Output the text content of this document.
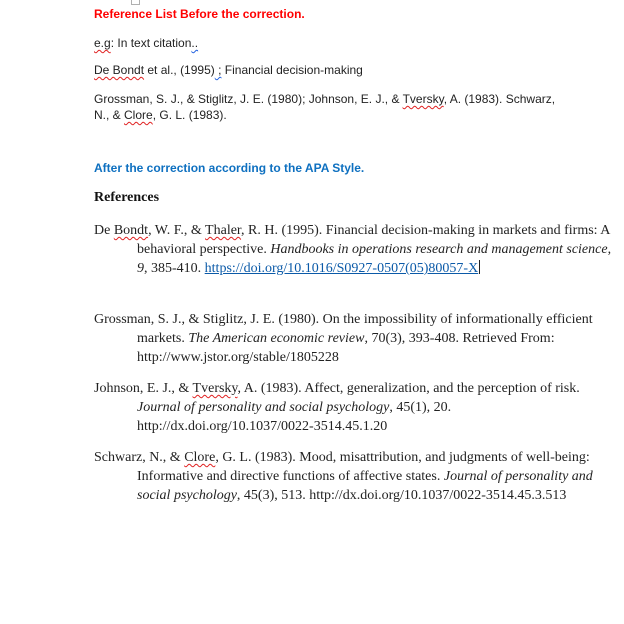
Reference List Before the correction.
e.g: In text citation..
De Bondt et al., (1995) ; Financial decision-making
Grossman, S. J., & Stiglitz, J. E. (1980); Johnson, E. J., & Tversky, A. (1983). Schwarz, N., & Clore, G. L. (1983).
After the correction according to the APA Style.
References
De Bondt, W. F., & Thaler, R. H. (1995). Financial decision-making in markets and firms: A behavioral perspective. Handbooks in operations research and management science, 9, 385-410. https://doi.org/10.1016/S0927-0507(05)80057-X
Grossman, S. J., & Stiglitz, J. E. (1980). On the impossibility of informationally efficient markets. The American economic review, 70(3), 393-408. Retrieved From: http://www.jstor.org/stable/1805228
Johnson, E. J., & Tversky, A. (1983). Affect, generalization, and the perception of risk. Journal of personality and social psychology, 45(1), 20. http://dx.doi.org/10.1037/0022-3514.45.1.20
Schwarz, N., & Clore, G. L. (1983). Mood, misattribution, and judgments of well-being: Informative and directive functions of affective states. Journal of personality and social psychology, 45(3), 513. http://dx.doi.org/10.1037/0022-3514.45.3.513
